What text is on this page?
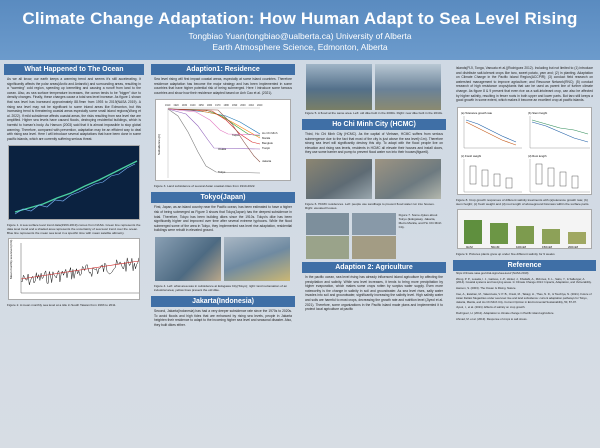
Climate Change Adaptation: How Human Adapt to Sea Level Rising
Tongbiao Yuan(tongbiao@ualberta.ca) University of Alberta
Earth Atmosphere Science, Edmonton, Alberta
What Happened to The Ocean
As we all know, our earth keeps a warming trend and seems it's still accelerating. It significantly affects the polar areas(Arctic and Antarctic) and surrounding areas, resulting in a "warming" cold region, speeding up icemelting and causing a runoff from land to the ocean. Also, as sea surface temperature increases, the ocean tends to be "bigger" due to density changes. Finally, these changes cause a total sea level increase. As figure 1 shown that sea level has increased approximately 88.9mm from 1993 to 2019(NASA 2019). A rising sea level may not be significant to some inland areas like Edmonton, but this increasing trend is threatening coastal areas especially some small island regions(Wong et al. 2022). If mild subsidence affects coastal areas, the risks resulting from sea level rise are amplified. Higher sea levels have caused floods, destroying residential buildings, which is harmful to human's body. As Hanson (2003) said that it is almost impossible to stop global warming. Therefore, compared with prevention, adaptation may be an efficient way to deal with rising sea level. Here I will introduce several adaptations that have been done in some pacific islands, which are currently suffering serious threat.
Figure 1. A sea surface level trend data(1993-2019) comes from NASA. Green line represents the data level trend and a shaded area represents the uncertainty of sea level trend over the ocean. Blue line represents the mean sea level in a specific time with mean satellite altimetry.
Mean monthly sea level (mm)
Figure 2. A mean monthly sea level at a tide in South Taiwan from 1993 to 2011.
Adaption1: Residence
Sea level rising will first impact coastal areas, especially at some island countries. Therefore residence adaptation has become the major strategy and has been implemented in some countries that have higher potential risk of being submerged. Here I introduce some famous countries and show how their residence adapted based on Anh Cao et al. (2021).
Subsidence (m)
1910 1920 1930 1940 1950 1960 1970 1980 1990 2000 2010 2020
Ho Chi Minh
Manila
Bangkok
Tianjin
Osaka
Jakarta
Taipei
Tokyo
Figure 3. Land subsidence of several Asian coastal cities from 1910-2022.
Tokyo(Japan)
First, Japan, as an island country near the Pacific ocean, has been estimated to have a higher risk of being submerged as Figure 3 shows that Tokyo(Japan) has the deepest subsidence in total. Therefore, Tokyo has been building dikes since the 1910s. Tokyo's dike has been significantly higher and improved over time after several extreme typhoons. While the flood submerged some of the area in Tokyo, they implemented sea level rise adaptation, residential buildings were rebuilt in elevated ground.
Figure 4. Left: what area was in subsidence at Edogawa City(Tokyo); right: land reclamation of an industrial area; yellow lines present the old dike.
Jakarta(Indonesia)
Second, Jakarta(Indonesia) has had a very deeper subsidence rate since the 1970s to 2020s. To avoid floods and high tides that are enhanced by rising sea levels, people in Jakarta heighten their residence to adapt to the incoming higher sea level and seasonal disaster. Also, they built dikes either.
Figure 5. A flood at the same area. Left: old dike built in the 2000s. Right: new dike built in the 2010s.
Ho Chi Minh City (HCMC)
Third, Ho Chi Minh City (HCMC). As the capital of Vietnam, HCMC suffers from serious submergence due to the fact that most of the city is just above the sea level(<1m). Therefore strong sea level will significantly destroy this city. To adapt with the flood people live on elevation and rising sea levels, residents in HCMC all elevate their houses and install doors, they use some barrier and pump to prevent flood water run into their houses(figure6).
Figure 6. HCMC residences. Left: people use sandbags to prevent flood water run into houses. Right: elevated houses.
Figure 7. Some dykes about Tokyo (Edogawa), Jakarta, Metro Manila, and Ho Chi Minh City.
Adaption 2: Agriculture
In the pacific ocean, sea level rising has already influenced island agriculture by affecting the precipitation and salinity. While sea level increases, it tends to bring more precipitation by higher evaporation, which makes some crops rotten by surplus water supply. Even more noteworthy is the change in salinity in soil and groundwater. As sea level rises, salty water invades into soil and groundwater, significantly increasing the salinity level. High salinity water and soils are harmful to most crops, decreasing the growth rate and nutrition level (Jiyeol et al. 2021). Therefore, some organizations in the Pacific island made plans and implemented it to protect local agriculture at pacific
islands(FIJI, Tonga, Vanuatu et al.)(Rodríguez 2012). Including but not limited to (1) introduce and distribute salt-tolerant crops like taro, sweet potato, yam and; (2) in planting. Adaptation on Climate Change in the Pacific Island Region(ACCPIR); (3) conduct field research on watershed management to improve agriculture; and Resource Network(RNC); (5) conduct research of high resistance crops/plants that can be used as parent line of further climate change. As figure 8 & 9 present that even rice as a salt-intolerant crop, can also be affected by higher salinity, resulting in fewer roots in both upper and lower parts. But taro still keeps a good growth in some extent, which makes it become an excellent crop at pacific islands.
(a) Tolerance growth rate	(b) Stem height
(c) Fresh weight	(d) Root length
Figure 8. Crop growth responses of different salinity treatments with (a)tolerance growth rate; (b) stem height; (c) fresh weight and (d) root length of aboveground biomass within the surface parts.
0mM	50mM	100mM	150mM	200mM
Figure 9. Pictures plants grew up under five different salinity for 9 weeks
Reference
https://climate.nasa.gov/vital-signs/sea-level/ (NASA 2019)
Wong, P. P., Losada, I. J., Gattuso, J.-P., Hinkel, J., Khattabi, A., McInnes, K. L., Saito, Y., & Sallenger, A. (2014). Coastal systems and low-lying areas. In Climate Change 2014: Impacts, Adaptation, and Vulnerability.
Hanson, S. (2003). The Ocean Is Rising. Nature.
Cao, A., Esteban, M., Valenzuela, V. P. B., Onuki, M., Takagi, H., Thao, N. D., & Tsuchiya, N. (2021). Future of Asian Deltaic Megacities under sea level rise and land subsidence: current adaptation pathways for Tokyo, Jakarta, Manila, and Ho Chi Minh City. Current Opinion in Environmental Sustainability, 50, 87-97.
Jiyeol, I., et al. (2021). Effects of salinity on crop growth.
Rodríguez, H. (2012). Adaptation to climate change in Pacific island agriculture.
Ahmad, M. et al. (2013). Response of crops to salt stress.
